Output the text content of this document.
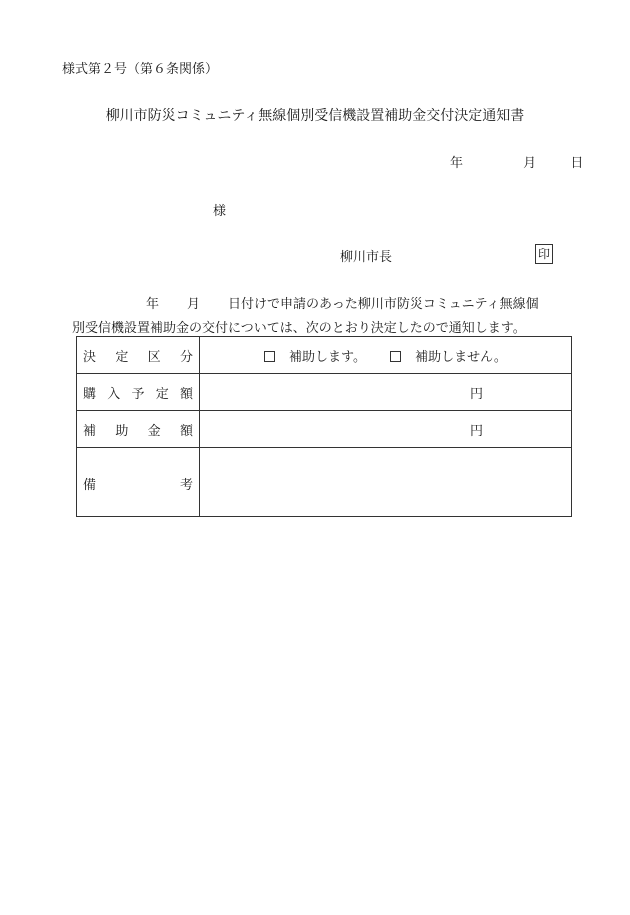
様式第２号（第６条関係）
柳川市防災コミュニティ無線個別受信機設置補助金交付決定通知書
年	月	日
様
柳川市長	印
年 月 日付けで申請のあった柳川市防災コミュニティ無線個
別受信機設置補助金の交付については、次のとおり決定したので通知します。
決 定 区 分	補助します。 補助しません。

購 入 予 定 額	円

補 助 金 額	円

備 考	
